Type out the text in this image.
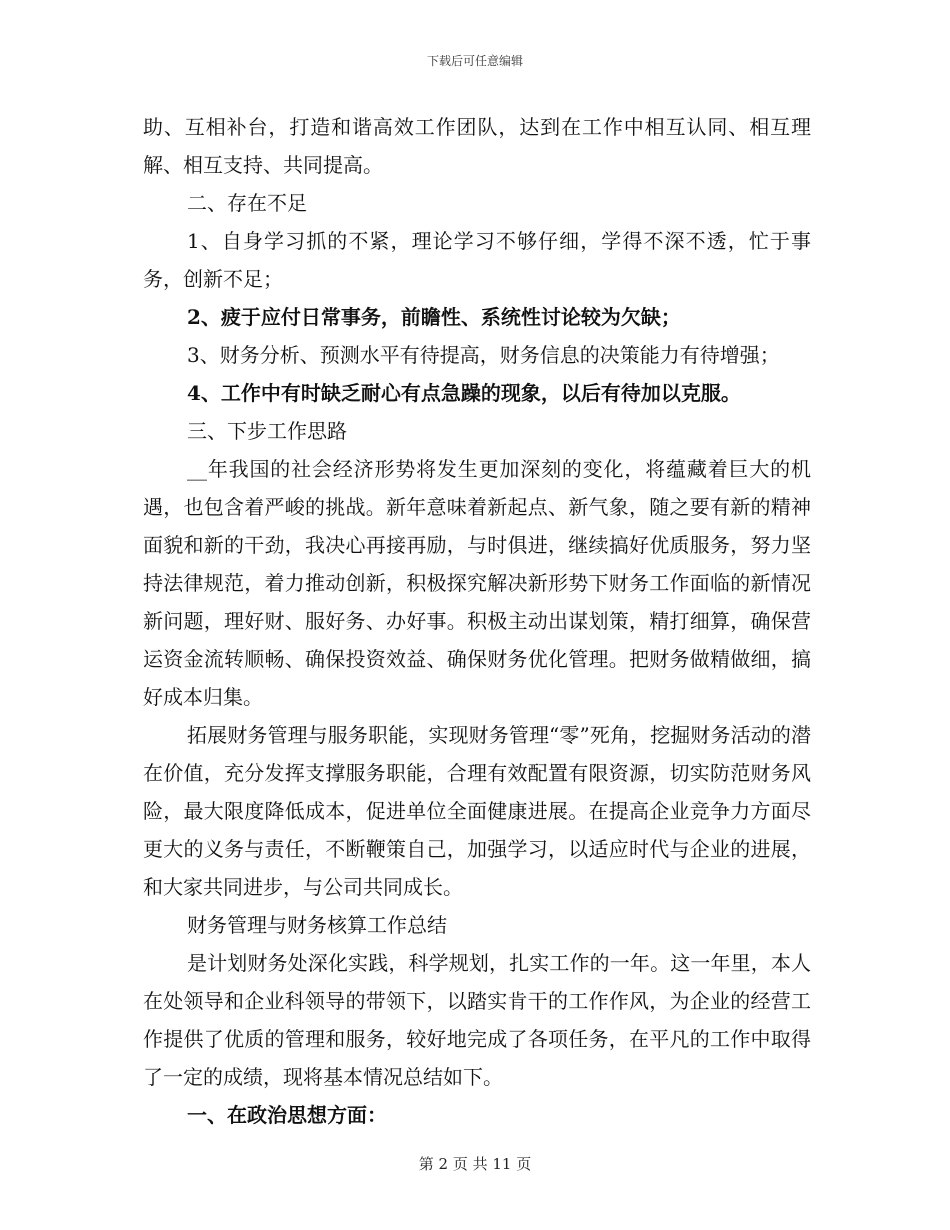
下载后可任意编辑

助、互相补台，打造和谐高效工作团队，达到在工作中相互认同、相互理解、相互支持、共同提高。

二、存在不足

1、自身学习抓的不紧，理论学习不够仔细，学得不深不透，忙于事务，创新不足；

2、疲于应付日常事务，前瞻性、系统性讨论较为欠缺；

3、财务分析、预测水平有待提高，财务信息的决策能力有待增强；

4、工作中有时缺乏耐心有点急躁的现象，以后有待加以克服。

三、下步工作思路

__年我国的社会经济形势将发生更加深刻的变化，将蕴藏着巨大的机遇，也包含着严峻的挑战。新年意味着新起点、新气象，随之要有新的精神面貌和新的干劲，我决心再接再励，与时俱进，继续搞好优质服务，努力坚持法律规范，着力推动创新，积极探究解决新形势下财务工作面临的新情况新问题，理好财、服好务、办好事。积极主动出谋划策，精打细算，确保营运资金流转顺畅、确保投资效益、确保财务优化管理。把财务做精做细，搞好成本归集。

拓展财务管理与服务职能，实现财务管理“零”死角，挖掘财务活动的潜在价值，充分发挥支撑服务职能，合理有效配置有限资源，切实防范财务风险，最大限度降低成本，促进单位全面健康进展。在提高企业竞争力方面尽更大的义务与责任，不断鞭策自己，加强学习，以适应时代与企业的进展，和大家共同进步，与公司共同成长。

财务管理与财务核算工作总结

是计划财务处深化实践，科学规划，扎实工作的一年。这一年里，本人在处领导和企业科领导的带领下，以踏实肯干的工作作风，为企业的经营工作提供了优质的管理和服务，较好地完成了各项任务，在平凡的工作中取得了一定的成绩，现将基本情况总结如下。

一、在政治思想方面：

第 2 页 共 11 页
